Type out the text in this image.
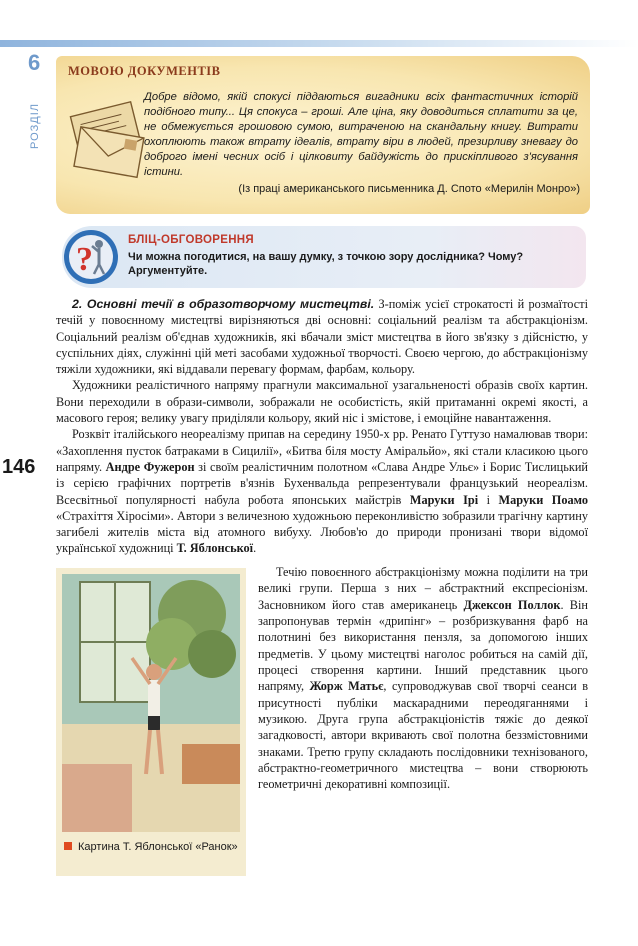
6
РОЗДІЛ
МОВОЮ ДОКУМЕНТІВ
Добре відомо, якій спокусі піддаються вигадники всіх фантастичних історій подібного типу... Ця спокуса – гроші. Але ціна, яку доводиться сплатити за це, не обмежується грошовою сумою, витраченою на скандальну книгу. Витрати охоплюють також втрату ідеалів, втрату віри в людей, презирливу зневагу до доброго імені чесних осіб і цілковиту байдужість до прискіпливого з'ясування істини.
(Із праці американського письменника Д. Спото «Мерилін Монро»)
?
БЛІЦ-ОБГОВОРЕННЯ
Чи можна погодитися, на вашу думку, з точкою зору дослідника? Чому? Аргументуйте.
146

2. Основні течії в образотворчому мистецтві. З-поміж усієї строкатості й розмаїтості течій у повоєнному мистецтві вирізняються дві основні: соціальний реалізм та абстракціонізм. Соціальний реалізм об'єднав художників, які вбачали зміст мистецтва в його зв'язку з дійсністю, у суспільних діях, служінні цій меті засобами художньої творчості. Своєю чергою, до абстракціонізму тяжіли художники, які віддавали перевагу формам, фарбам, кольору.

Художники реалістичного напряму прагнули максимальної узагальненості образів своїх картин. Вони переходили в образи-символи, зображали не особистість, якій притаманні окремі якості, а масового героя; велику увагу приділяли кольору, який ніс і змістове, і емоційне навантаження.

Розквіт італійського неореалізму припав на середину 1950-х рр. Ренато Гуттузо намалював твори: «Захоплення пусток батраками в Сицилії», «Битва біля мосту Аміральйо», які стали класикою цього напряму. Андре Фужерон зі своїм реалістичним полотном «Слава Андре Ульє» і Борис Тислицький із серією графічних портретів в'язнів Бухенвальда репрезентували французький неореалізм. Всесвітньої популярності набула робота японських майстрів Маруки Ірі і Маруки Поамо «Страхіття Хіросіми». Автори з величезною художньою переконливістю зобразили трагічну картину загибелі жителів міста від атомного вибуху. Любов'ю до природи пронизані твори відомої української художниці Т. Яблонської.

Картина Т. Яблонської «Ранок»

Течію повоєнного абстракціонізму можна поділити на три великі групи. Перша з них – абстрактний експресіонізм. Засновником його став американець Джексон Поллок. Він запропонував термін «дрипінг» – розбризкування фарб на полотнині без використання пензля, за допомогою інших предметів. У цьому мистецтві наголос робиться на самій дії, процесі створення картини. Інший представник цього напряму, Жорж Матьє, супроводжував свої творчі сеанси в присутності публіки маскарадними переодяганнями і музикою. Друга група абстракціоністів тяжіє до деякої загадковості, автори вкривають свої полотна беззмістовними знаками. Третю групу складають послідовники технізованого, абстрактно-геометричного мистецтва – вони створюють геометричні декоративні композиції.
